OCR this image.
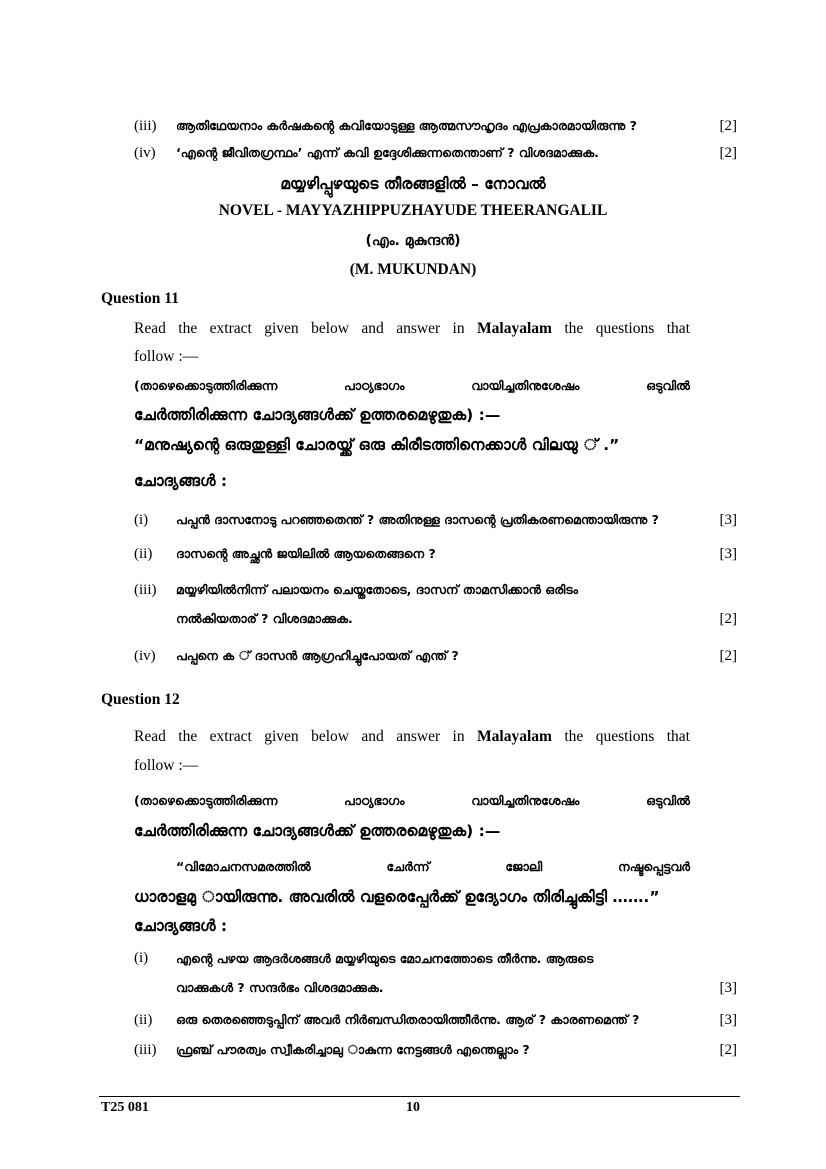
(iii) ആതിഥേയനാം കർഷകന്റെ കവിയോടുള്ള ആത്മസൗഹൃദം എപ്രകാരമായിരുന്നു ?	[2]
(iv) ‘എന്റെ ജീവിതഗ്രന്ഥം’ എന്ന് കവി ഉദ്ദേശിക്കുന്നതെന്താണ് ? വിശദമാക്കുക.	[2]
മയ്യഴിപ്പുഴയുടെ തീരങ്ങളിൽ – നോവൽ
NOVEL - MAYYAZHIPPUZHAYUDE THEERANGALIL
(എം. മുകുന്ദൻ)
(M. MUKUNDAN)
Question 11
Read the extract given below and answer in Malayalam the questions that
follow :—
(താഴെക്കൊടുത്തിരിക്കുന്ന	പാഠ്യഭാഗം	വായിച്ചതിനുശേഷം	ഒടുവിൽ
ചേർത്തിരിക്കുന്ന ചോദ്യങ്ങൾക്ക് ഉത്തരമെഴുതുക) :—
“മനുഷ്യന്റെ ഒരുതുള്ളി ചോരയ്ക്ക് ഒരു കിരീടത്തിനെക്കാൾ വിലയു ് .”
ചോദ്യങ്ങൾ :
(i) പപ്പൻ ദാസനോടു പറഞ്ഞതെന്ത് ? അതിനുള്ള ദാസന്റെ പ്രതികരണമെന്തായിരുന്നു ?	[3]
(ii) ദാസന്റെ അച്ഛൻ ജയിലിൽ ആയതെങ്ങനെ ?	[3]
(iii) മയ്യഴിയിൽനിന്ന് പലായനം ചെയ്തതോടെ, ദാസന് താമസിക്കാൻ ഒരിടം
നൽകിയതാര് ? വിശദമാക്കുക.	[2]
(iv) പപ്പനെ ക ് ദാസൻ ആഗ്രഹിച്ചുപോയത് എന്ത് ?	[2]
Question 12
Read the extract given below and answer in Malayalam the questions that
follow :—
(താഴെക്കൊടുത്തിരിക്കുന്ന	പാഠ്യഭാഗം	വായിച്ചതിനുശേഷം	ഒടുവിൽ
ചേർത്തിരിക്കുന്ന ചോദ്യങ്ങൾക്ക് ഉത്തരമെഴുതുക) :—
“വിമോചനസമരത്തിൽ	ചേർന്ന്	ജോലി	നഷ്ടപ്പെട്ടവർ
ധാരാളമു ായിരുന്നു. അവരിൽ വളരെപ്പേർക്ക് ഉദ്യോഗം തിരിച്ചുകിട്ടി …….”
ചോദ്യങ്ങൾ :
(i) എന്റെ പഴയ ആദർശങ്ങൾ മയ്യഴിയുടെ മോചനത്തോടെ തീർന്നു. ആരുടെ
വാക്കുകൾ ? സന്ദർഭം വിശദമാക്കുക.	[3]
(ii) ഒരു തെരഞ്ഞെടുപ്പിന് അവർ നിർബന്ധിതരായിത്തീർന്നു. ആര് ? കാരണമെന്ത് ?	[3]
(iii) ഫ്രഞ്ച് പൗരത്വം സ്വീകരിച്ചാലു ാകുന്ന നേട്ടങ്ങൾ എന്തെല്ലാം ?	[2]
T25 081	10
